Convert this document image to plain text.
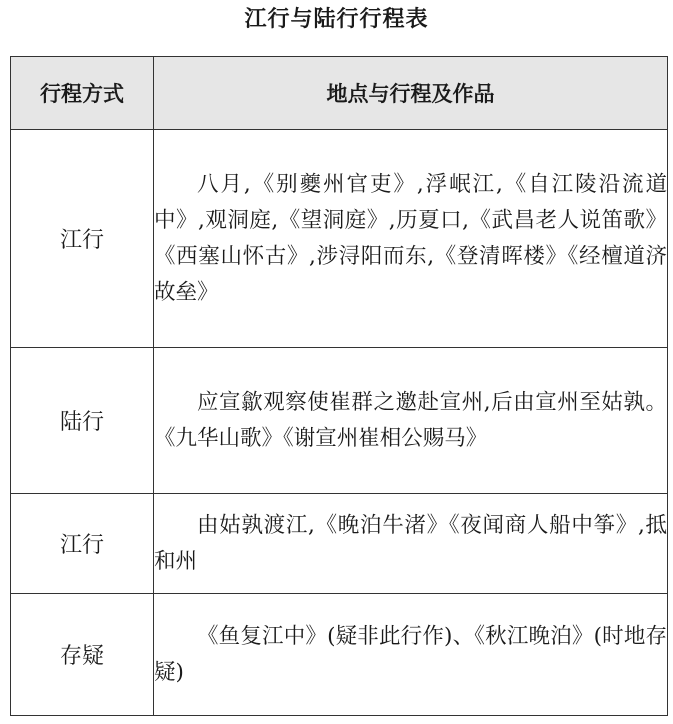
江行与陆行行程表
行程方式	地点与行程及作品
江行	八月,《别夔州官吏》,浮岷江,《自江陵沿流道中》,观洞庭,《望洞庭》,历夏口,《武昌老人说笛歌》《西塞山怀古》,涉浔阳而东,《登清晖楼》《经檀道济故垒》
陆行	应宣歙观察使崔群之邀赴宣州,后由宣州至姑孰。《九华山歌》《谢宣州崔相公赐马》
江行	由姑孰渡江,《晚泊牛渚》《夜闻商人船中筝》,抵和州
存疑	《鱼复江中》(疑非此行作)、《秋江晚泊》(时地存疑)
